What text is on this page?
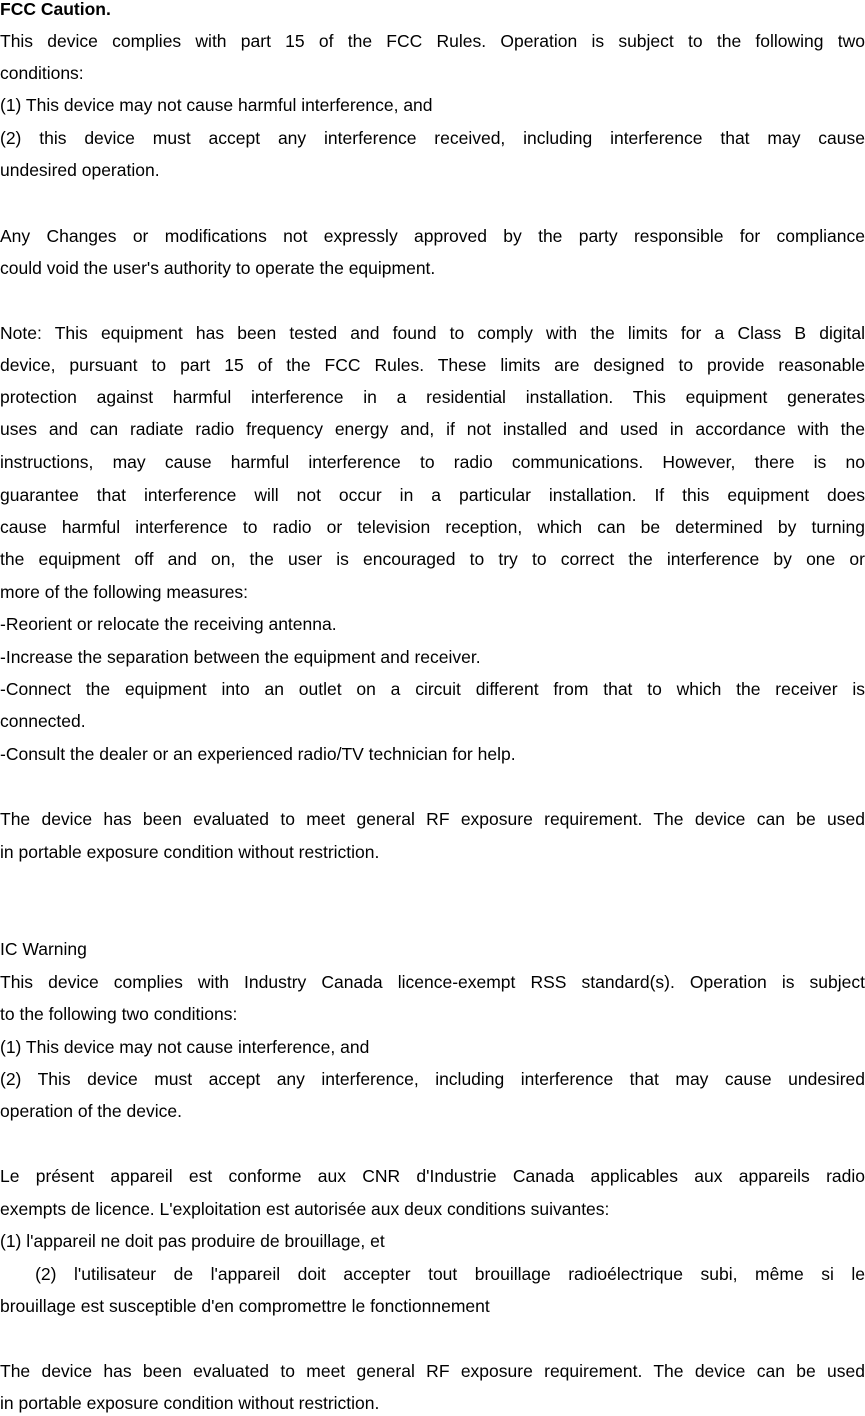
FCC Caution.
This device complies with part 15 of the FCC Rules. Operation is subject to the following two
conditions:
(1) This device may not cause harmful interference, and
(2) this device must accept any interference received, including interference that may cause
undesired operation.
Any Changes or modifications not expressly approved by the party responsible for compliance
could void the user's authority to operate the equipment.
Note: This equipment has been tested and found to comply with the limits for a Class B digital
device, pursuant to part 15 of the FCC Rules. These limits are designed to provide reasonable
protection against harmful interference in a residential installation. This equipment generates
uses and can radiate radio frequency energy and, if not installed and used in accordance with the
instructions, may cause harmful interference to radio communications. However, there is no
guarantee that interference will not occur in a particular installation. If this equipment does
cause harmful interference to radio or television reception, which can be determined by turning
the equipment off and on, the user is encouraged to try to correct the interference by one or
more of the following measures:
-Reorient or relocate the receiving antenna.
-Increase the separation between the equipment and receiver.
-Connect the equipment into an outlet on a circuit different from that to which the receiver is
connected.
-Consult the dealer or an experienced radio/TV technician for help.
The device has been evaluated to meet general RF exposure requirement. The device can be used
in portable exposure condition without restriction.
IC Warning
This device complies with Industry Canada licence-exempt RSS standard(s). Operation is subject
to the following two conditions:
(1) This device may not cause interference, and
(2) This device must accept any interference, including interference that may cause undesired
operation of the device.
Le présent appareil est conforme aux CNR d'Industrie Canada applicables aux appareils radio
exempts de licence. L'exploitation est autorisée aux deux conditions suivantes:
(1) l'appareil ne doit pas produire de brouillage, et
(2) l'utilisateur de l'appareil doit accepter tout brouillage radioélectrique subi, même si le
brouillage est susceptible d'en compromettre le fonctionnement
The device has been evaluated to meet general RF exposure requirement. The device can be used
in portable exposure condition without restriction.
